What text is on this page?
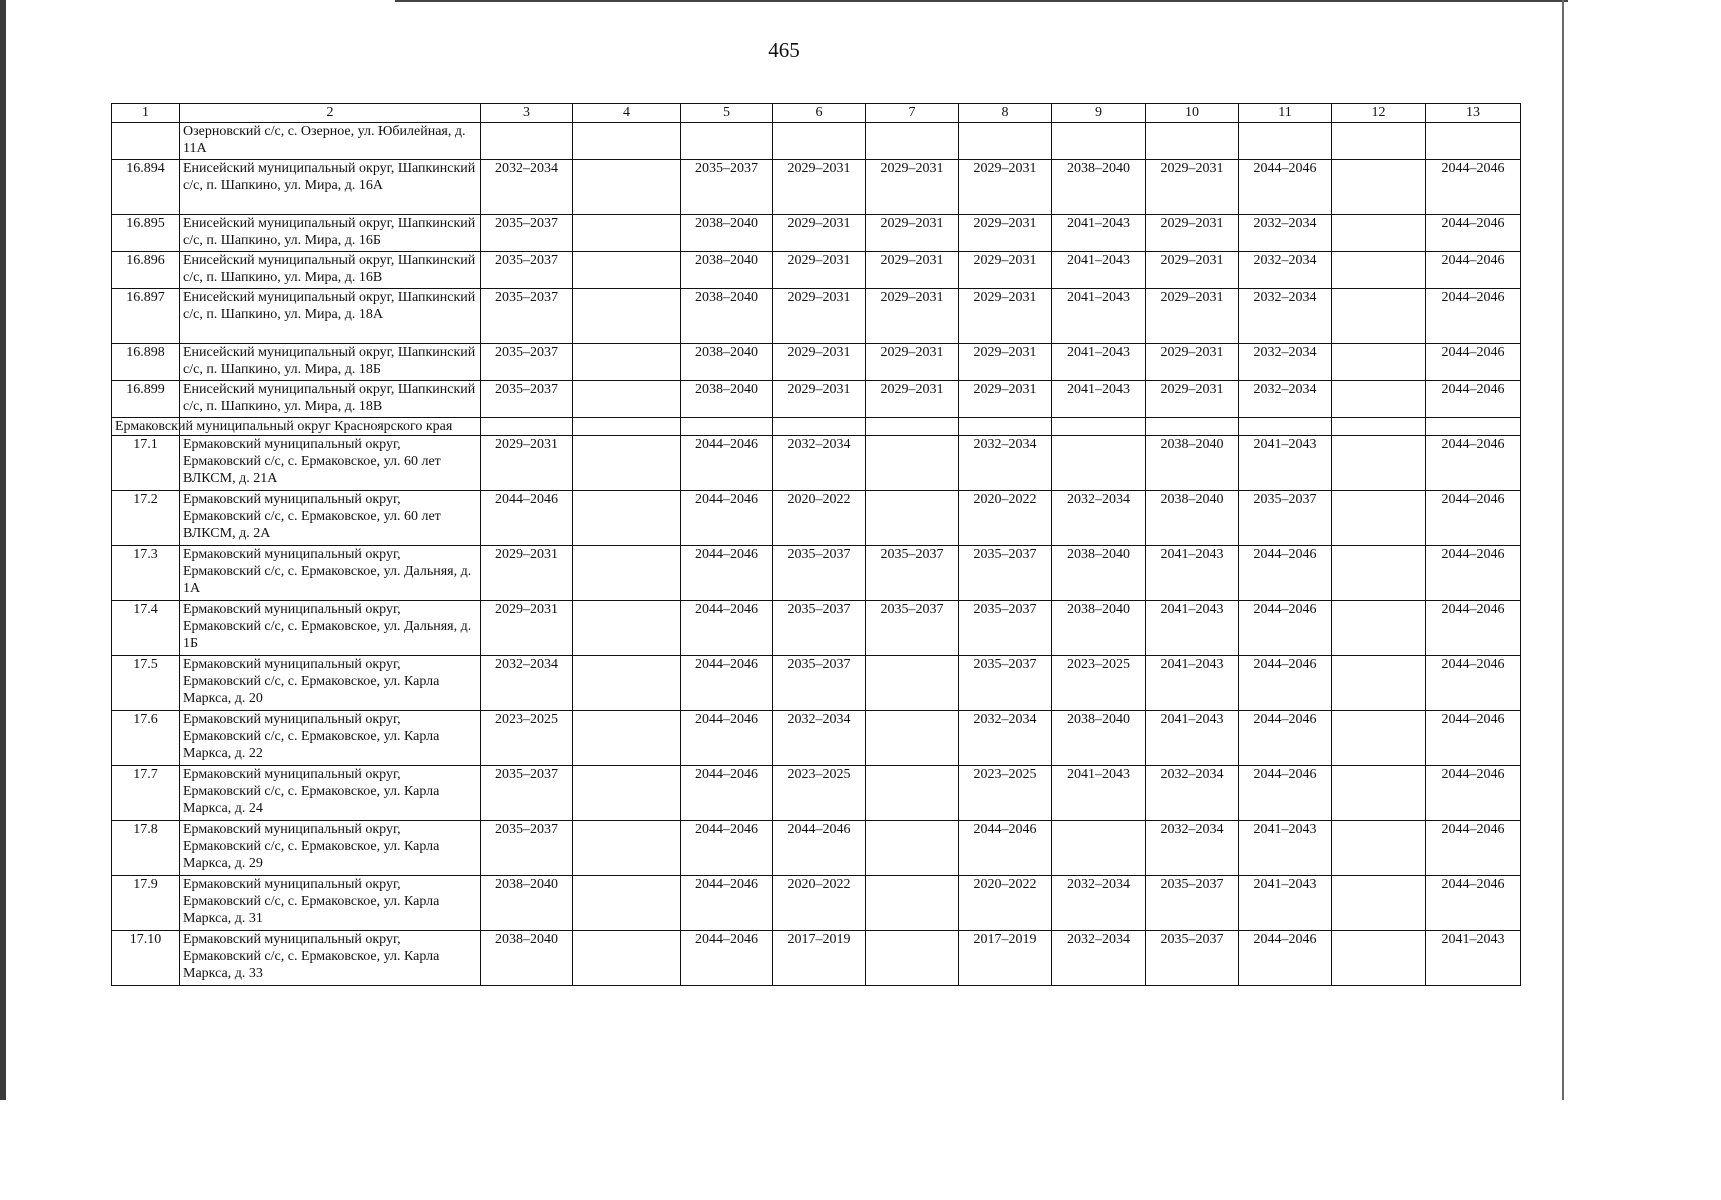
465
1	2	3	4	5	6	7	8	9	10	11	12	13
	Озерновский с/с, с. Озерное, ул. Юбилейная, д. 11А											
16.894	Енисейский муниципальный округ, Шапкинский с/с, п. Шапкино, ул. Мира, д. 16А	2032–2034		2035–2037	2029–2031	2029–2031	2029–2031	2038–2040	2029–2031	2044–2046		2044–2046
16.895	Енисейский муниципальный округ, Шапкинский с/с, п. Шапкино, ул. Мира, д. 16Б	2035–2037		2038–2040	2029–2031	2029–2031	2029–2031	2041–2043	2029–2031	2032–2034		2044–2046
16.896	Енисейский муниципальный округ, Шапкинский с/с, п. Шапкино, ул. Мира, д. 16В	2035–2037		2038–2040	2029–2031	2029–2031	2029–2031	2041–2043	2029–2031	2032–2034		2044–2046
16.897	Енисейский муниципальный округ, Шапкинский с/с, п. Шапкино, ул. Мира, д. 18А	2035–2037		2038–2040	2029–2031	2029–2031	2029–2031	2041–2043	2029–2031	2032–2034		2044–2046
16.898	Енисейский муниципальный округ, Шапкинский с/с, п. Шапкино, ул. Мира, д. 18Б	2035–2037		2038–2040	2029–2031	2029–2031	2029–2031	2041–2043	2029–2031	2032–2034		2044–2046
16.899	Енисейский муниципальный округ, Шапкинский с/с, п. Шапкино, ул. Мира, д. 18В	2035–2037		2038–2040	2029–2031	2029–2031	2029–2031	2041–2043	2029–2031	2032–2034		2044–2046
Ермаковский муниципальный округ Красноярского края												
17.1	Ермаковский муниципальный округ, Ермаковский с/с, с. Ермаковское, ул. 60 лет ВЛКСМ, д. 21А	2029–2031		2044–2046	2032–2034		2032–2034		2038–2040	2041–2043		2044–2046
17.2	Ермаковский муниципальный округ, Ермаковский с/с, с. Ермаковское, ул. 60 лет ВЛКСМ, д. 2А	2044–2046		2044–2046	2020–2022		2020–2022	2032–2034	2038–2040	2035–2037		2044–2046
17.3	Ермаковский муниципальный округ, Ермаковский с/с, с. Ермаковское, ул. Дальняя, д. 1А	2029–2031		2044–2046	2035–2037	2035–2037	2035–2037	2038–2040	2041–2043	2044–2046		2044–2046
17.4	Ермаковский муниципальный округ, Ермаковский с/с, с. Ермаковское, ул. Дальняя, д. 1Б	2029–2031		2044–2046	2035–2037	2035–2037	2035–2037	2038–2040	2041–2043	2044–2046		2044–2046
17.5	Ермаковский муниципальный округ, Ермаковский с/с, с. Ермаковское, ул. Карла Маркса, д. 20	2032–2034		2044–2046	2035–2037		2035–2037	2023–2025	2041–2043	2044–2046		2044–2046
17.6	Ермаковский муниципальный округ, Ермаковский с/с, с. Ермаковское, ул. Карла Маркса, д. 22	2023–2025		2044–2046	2032–2034		2032–2034	2038–2040	2041–2043	2044–2046		2044–2046
17.7	Ермаковский муниципальный округ, Ермаковский с/с, с. Ермаковское, ул. Карла Маркса, д. 24	2035–2037		2044–2046	2023–2025		2023–2025	2041–2043	2032–2034	2044–2046		2044–2046
17.8	Ермаковский муниципальный округ, Ермаковский с/с, с. Ермаковское, ул. Карла Маркса, д. 29	2035–2037		2044–2046	2044–2046		2044–2046		2032–2034	2041–2043		2044–2046
17.9	Ермаковский муниципальный округ, Ермаковский с/с, с. Ермаковское, ул. Карла Маркса, д. 31	2038–2040		2044–2046	2020–2022		2020–2022	2032–2034	2035–2037	2041–2043		2044–2046
17.10	Ермаковский муниципальный округ, Ермаковский с/с, с. Ермаковское, ул. Карла Маркса, д. 33	2038–2040		2044–2046	2017–2019		2017–2019	2032–2034	2035–2037	2044–2046		2041–2043
